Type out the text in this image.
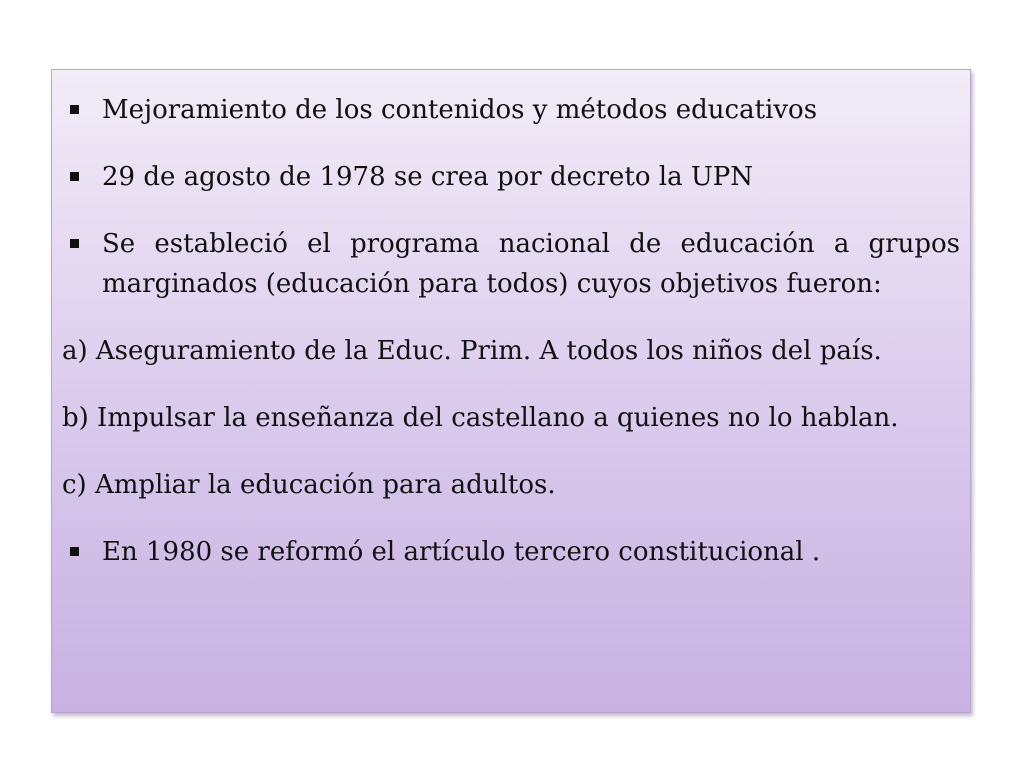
Mejoramiento de los contenidos y métodos educativos
29 de agosto de 1978 se crea por decreto la UPN
Se estableció el programa nacional de educación a grupos marginados (educación para todos) cuyos objetivos fueron:
a) Aseguramiento de la Educ. Prim. A todos los niños del país.
b) Impulsar la enseñanza del castellano a quienes no lo hablan.
c) Ampliar la educación para adultos.
En 1980 se reformó el artículo tercero constitucional .
